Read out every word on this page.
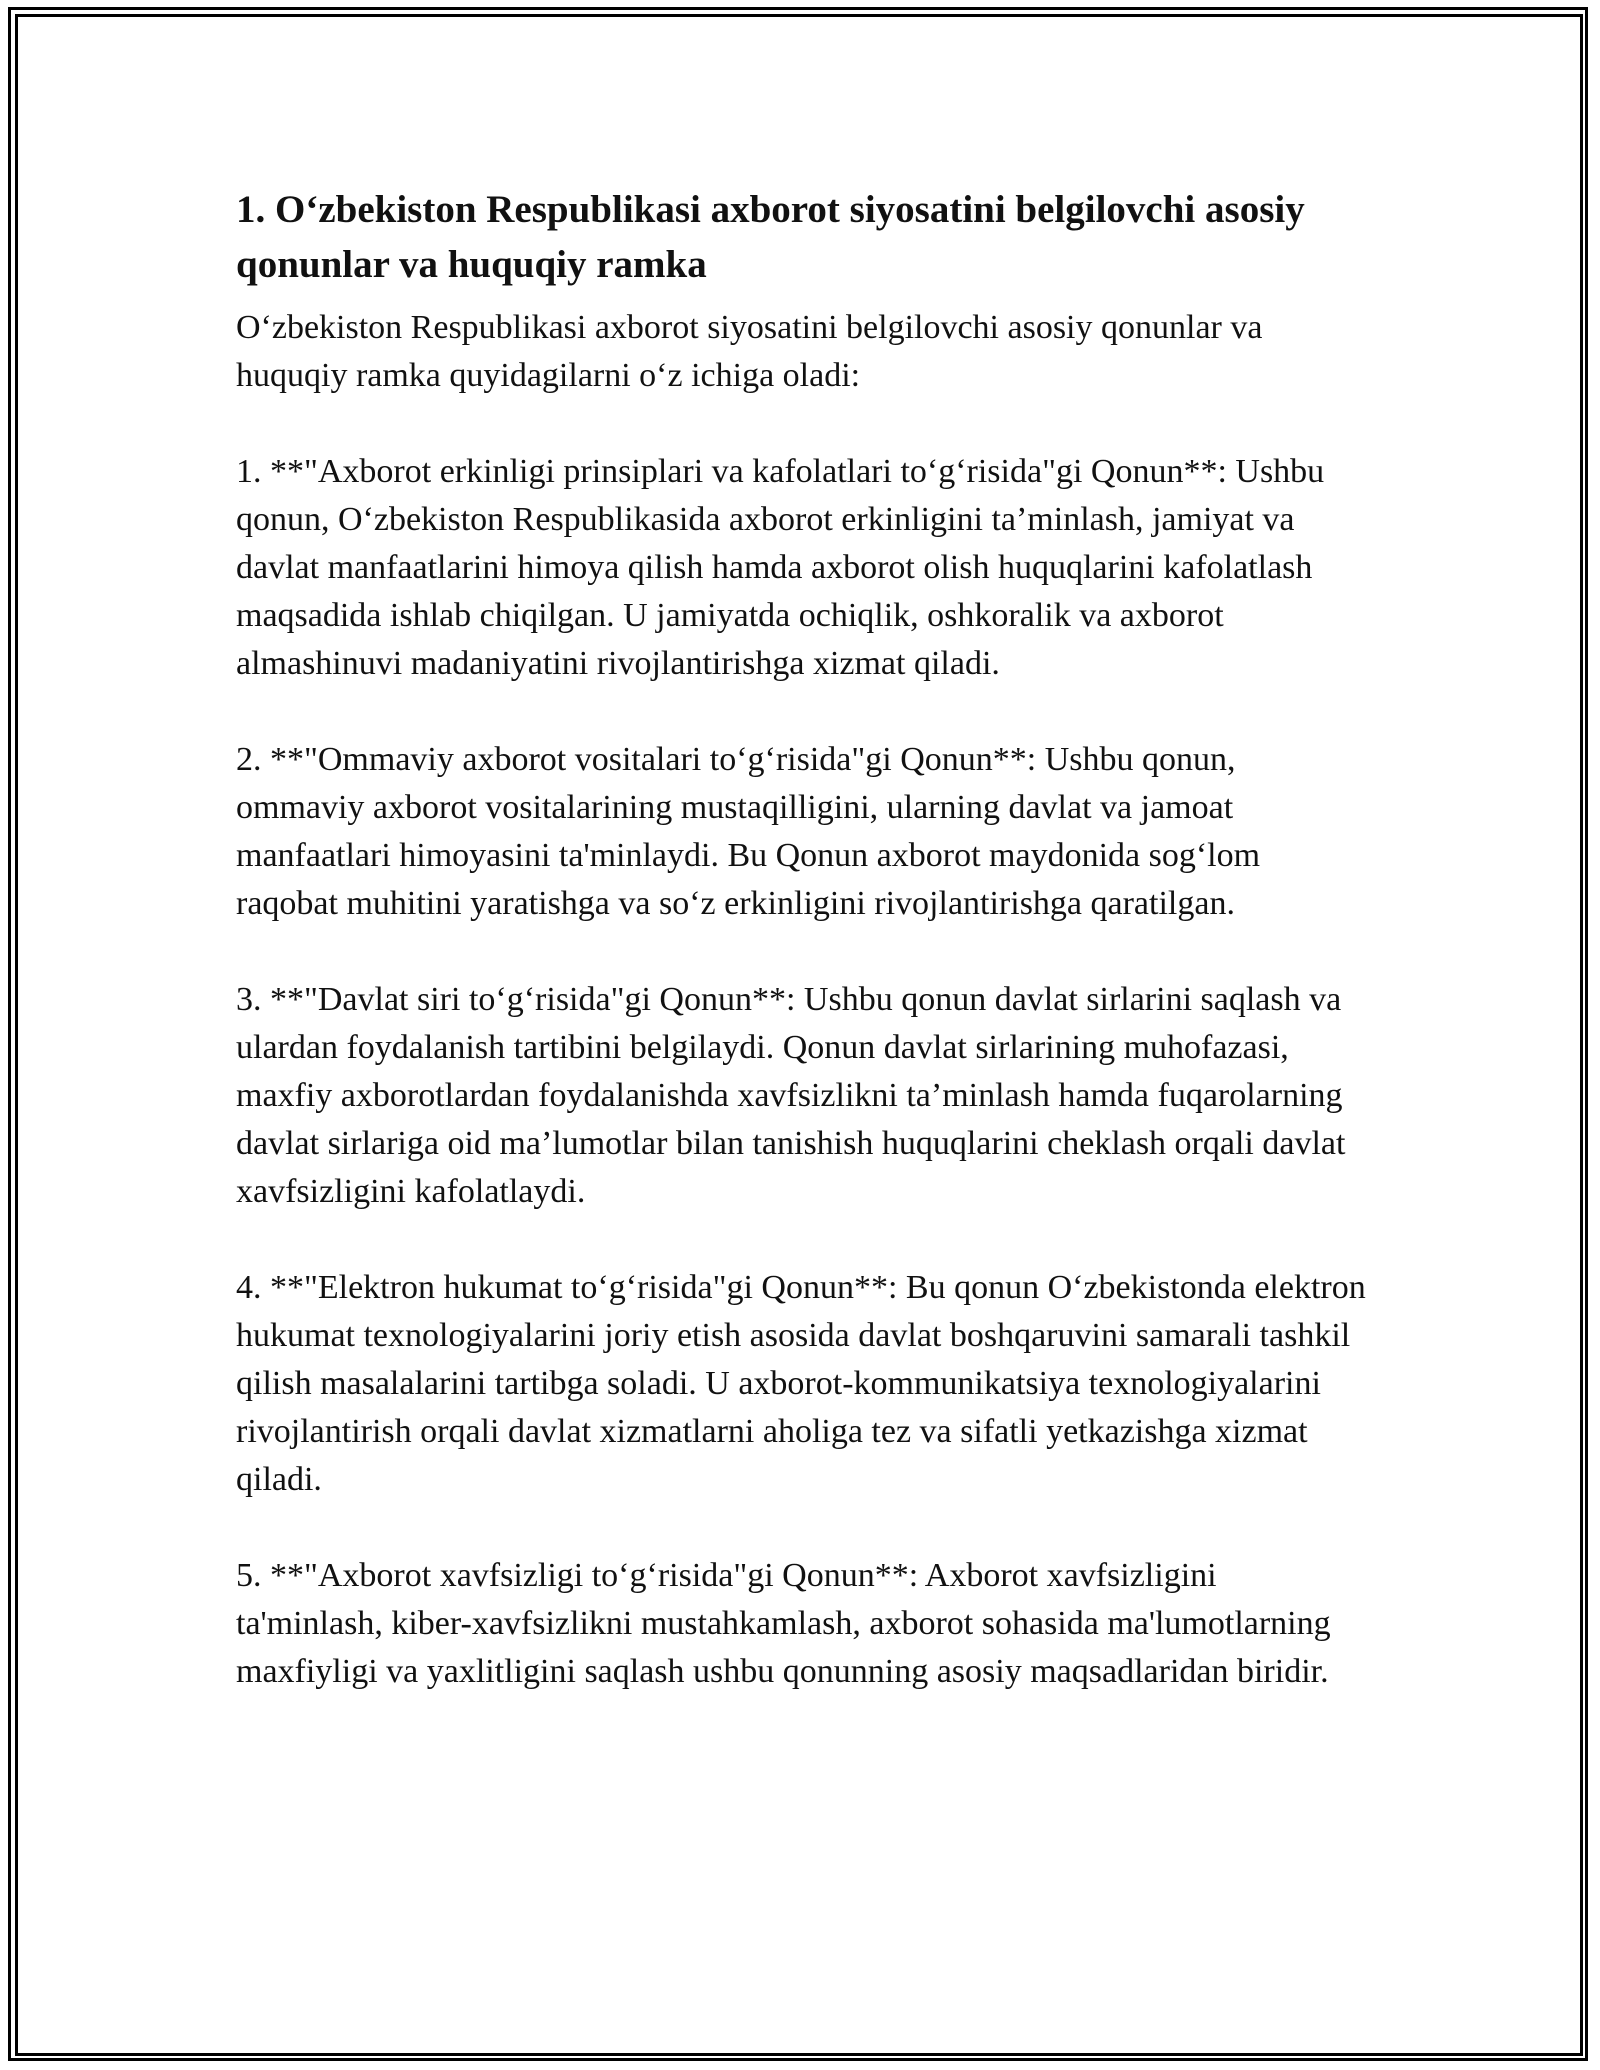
1. O‘zbekiston Respublikasi axborot siyosatini belgilovchi asosiy qonunlar va huquqiy ramka

O‘zbekiston Respublikasi axborot siyosatini belgilovchi asosiy qonunlar va huquqiy ramka quyidagilarni o‘z ichiga oladi:

1. **"Axborot erkinligi prinsiplari va kafolatlari to‘g‘risida"gi Qonun**: Ushbu qonun, O‘zbekiston Respublikasida axborot erkinligini ta’minlash, jamiyat va davlat manfaatlarini himoya qilish hamda axborot olish huquqlarini kafolatlash maqsadida ishlab chiqilgan. U jamiyatda ochiqlik, oshkoralik va axborot almashinuvi madaniyatini rivojlantirishga xizmat qiladi.

2. **"Ommaviy axborot vositalari to‘g‘risida"gi Qonun**: Ushbu qonun, ommaviy axborot vositalarining mustaqilligini, ularning davlat va jamoat manfaatlari himoyasini ta'minlaydi. Bu Qonun axborot maydonida sog‘lom raqobat muhitini yaratishga va so‘z erkinligini rivojlantirishga qaratilgan.

3. **"Davlat siri to‘g‘risida"gi Qonun**: Ushbu qonun davlat sirlarini saqlash va ulardan foydalanish tartibini belgilaydi. Qonun davlat sirlarining muhofazasi, maxfiy axborotlardan foydalanishda xavfsizlikni ta’minlash hamda fuqarolarning davlat sirlariga oid ma’lumotlar bilan tanishish huquqlarini cheklash orqali davlat xavfsizligini kafolatlaydi.

4. **"Elektron hukumat to‘g‘risida"gi Qonun**: Bu qonun O‘zbekistonda elektron hukumat texnologiyalarini joriy etish asosida davlat boshqaruvini samarali tashkil qilish masalalarini tartibga soladi. U axborot-kommunikatsiya texnologiyalarini rivojlantirish orqali davlat xizmatlarni aholiga tez va sifatli yetkazishga xizmat qiladi.

5. **"Axborot xavfsizligi to‘g‘risida"gi Qonun**: Axborot xavfsizligini ta'minlash, kiber-xavfsizlikni mustahkamlash, axborot sohasida ma'lumotlarning maxfiyligi va yaxlitligini saqlash ushbu qonunning asosiy maqsadlaridan biridir.
